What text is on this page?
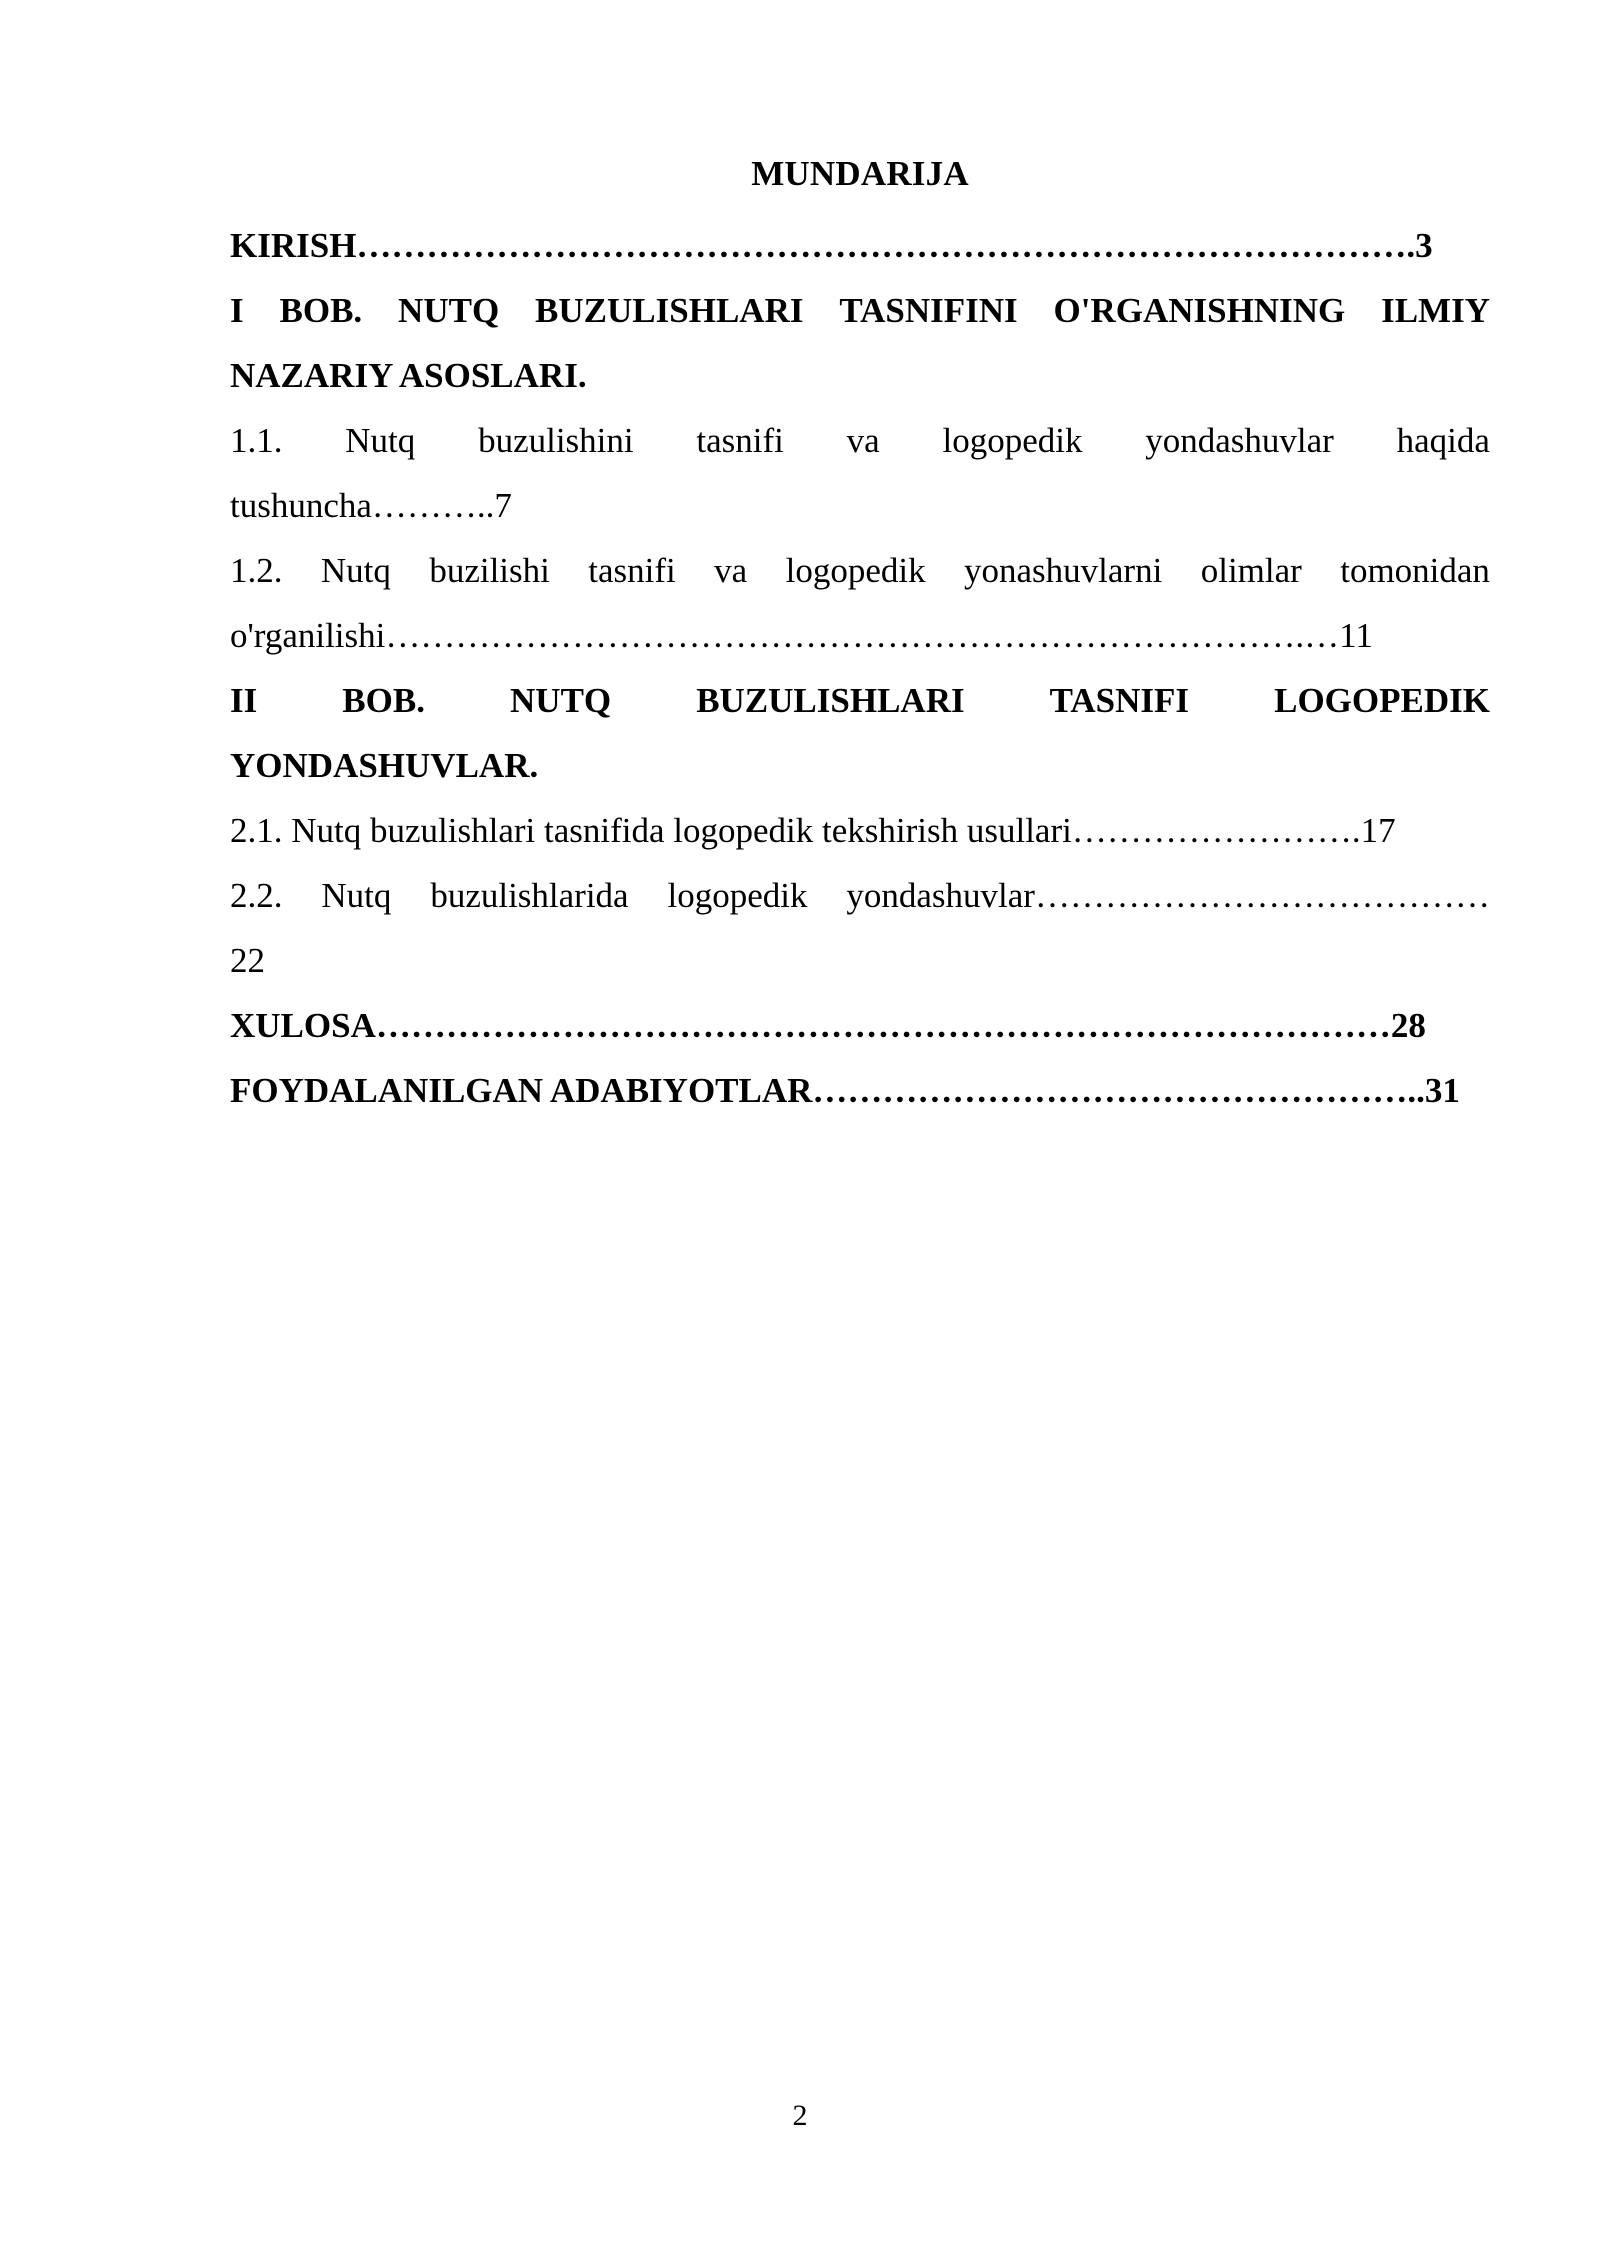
MUNDARIJA
KIRISH……………………………………………………………………………….3
I BOB. NUTQ BUZULISHLARI TASNIFINI O'RGANISHNING ILMIY
NAZARIY ASOSLARI.
1.1. Nutq buzulishini tasnifi va logopedik yondashuvlar haqida
tushuncha………..7
1.2. Nutq buzilishi tasnifi va logopedik yonashuvlarni olimlar tomonidan
o'rganilishi…………………………………………………………………….…11
II BOB. NUTQ BUZULISHLARI TASNIFI LOGOPEDIK
YONDASHUVLAR.
2.1. Nutq buzulishlari tasnifida logopedik tekshirish usullari…………………….17
2.2. Nutq buzulishlarida logopedik yondashuvlar…………………………………
22
XULOSA……………………………………………………………………………28
FOYDALANILGAN ADABIYOTLAR……………………………………………..31
2
